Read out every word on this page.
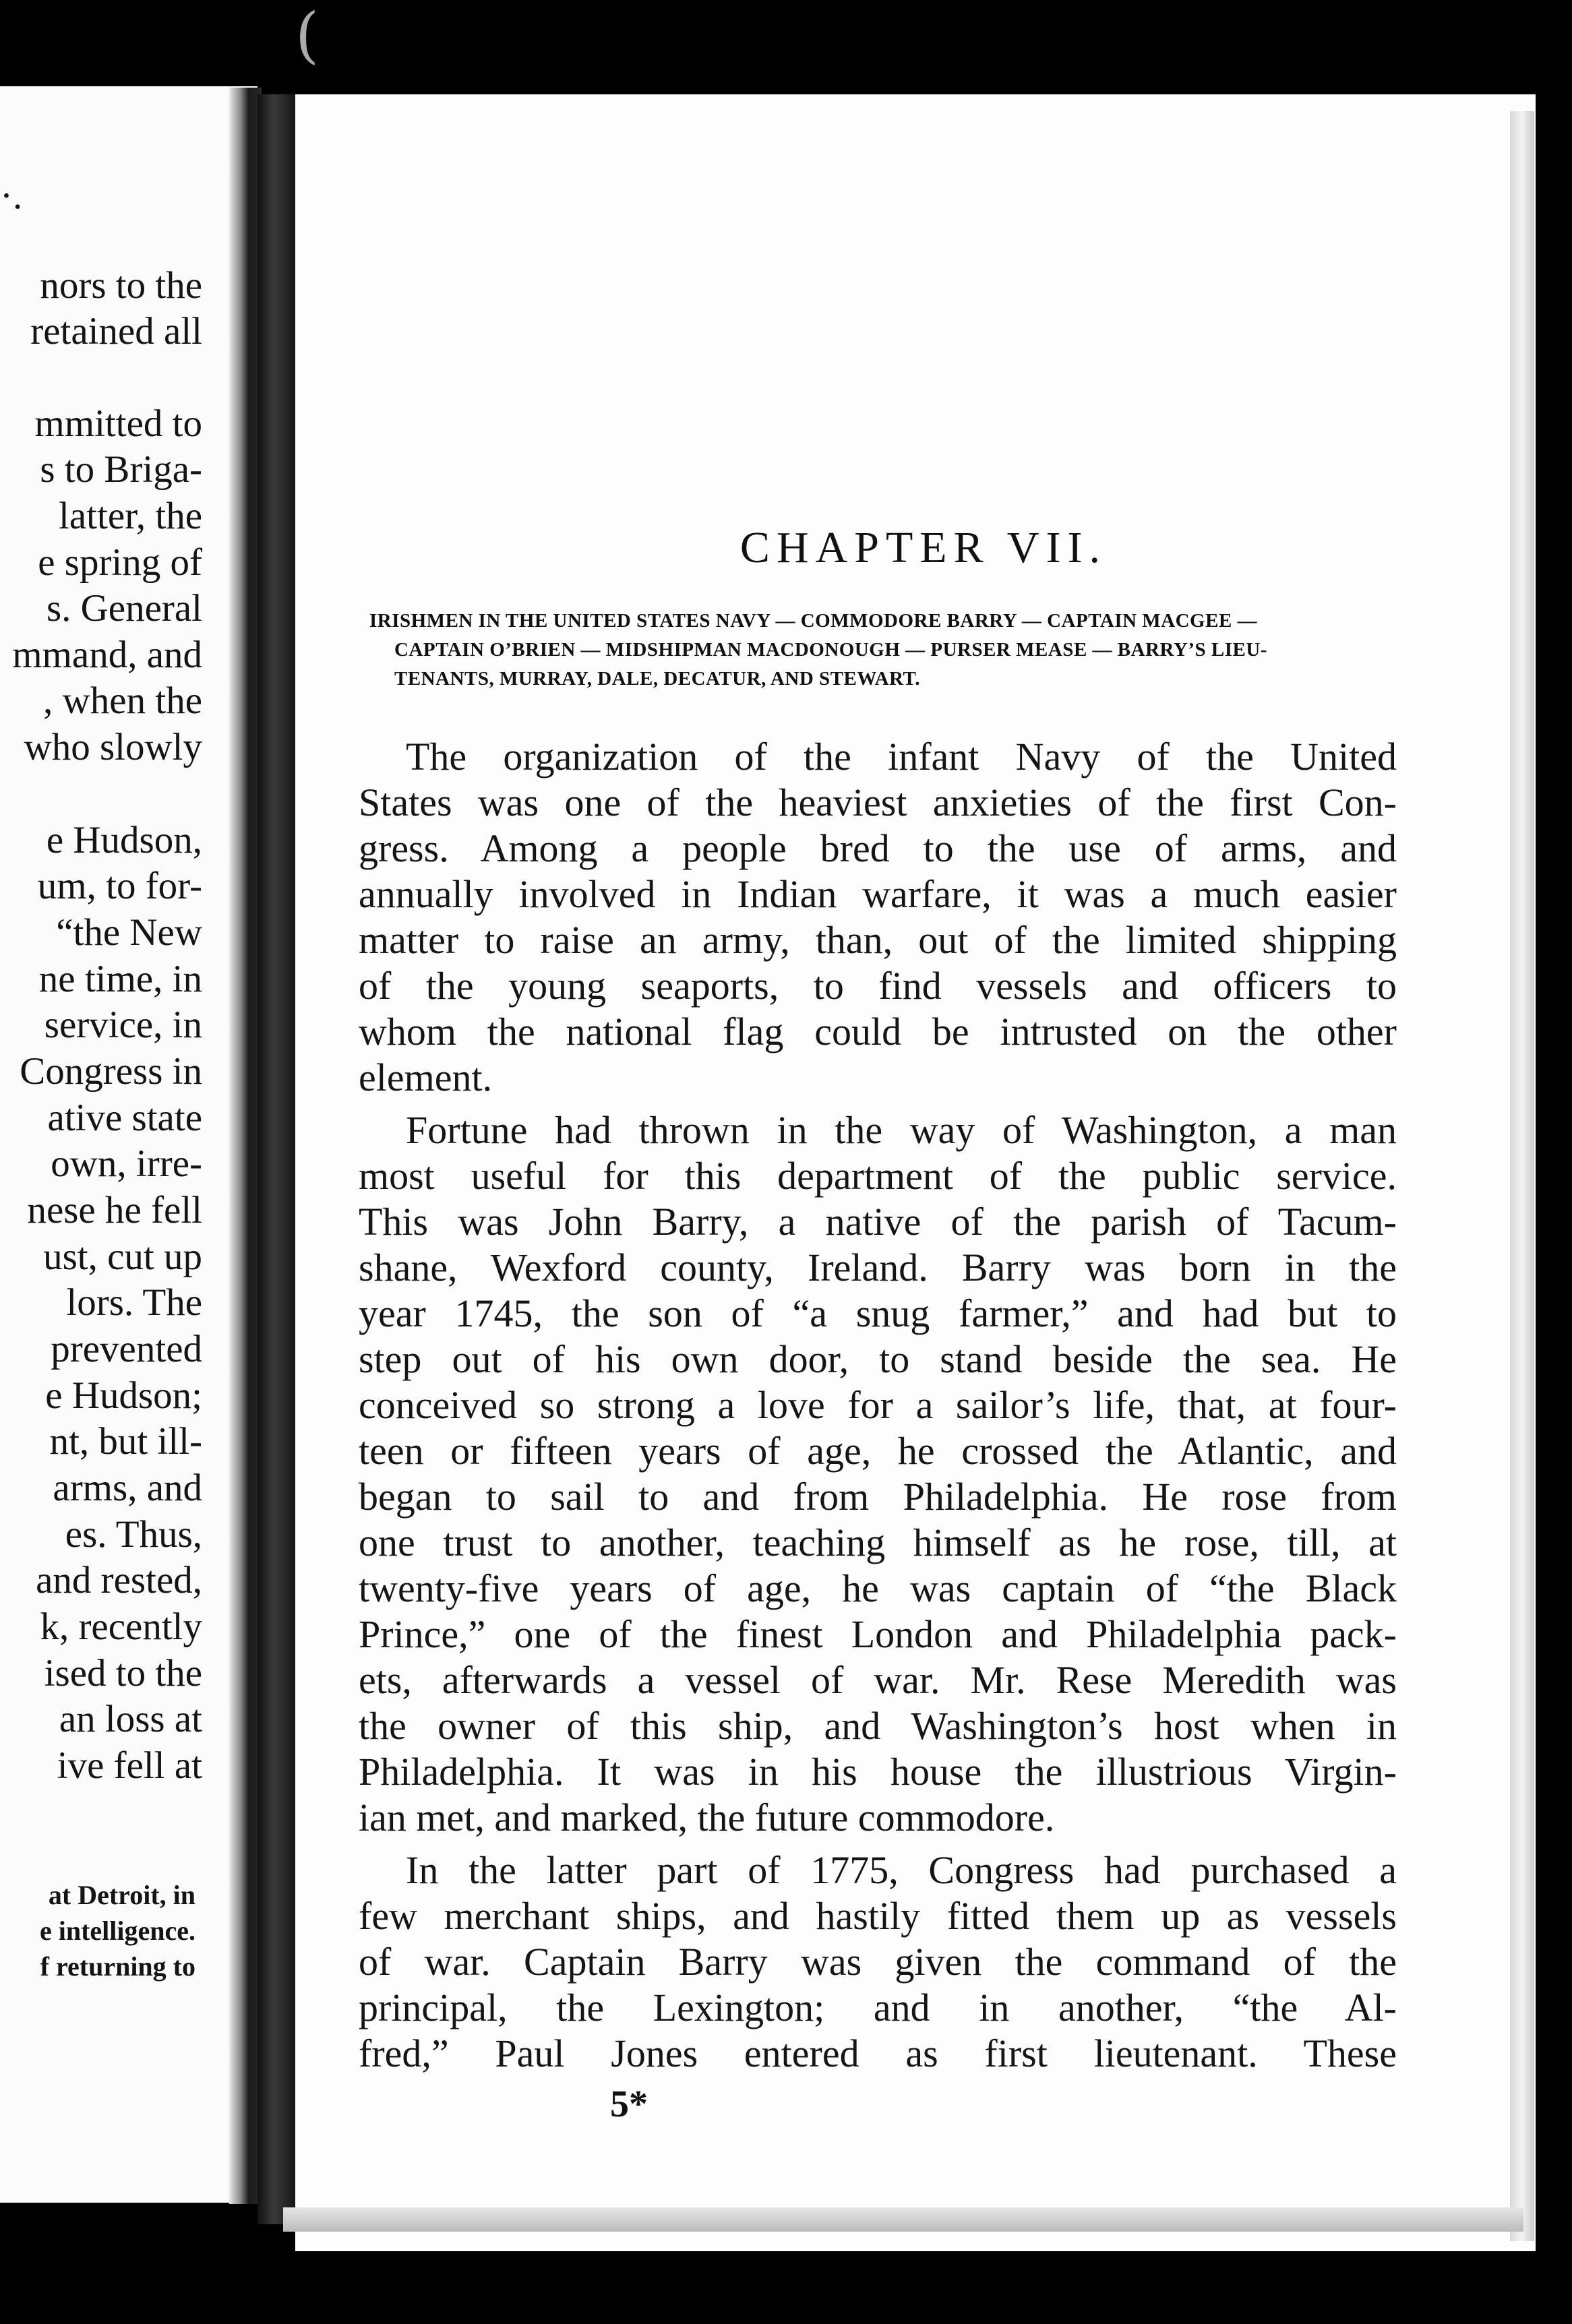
(
·.
nors to the
retained all
mmitted to
s to Briga-
latter, the
e spring of
s. General
mmand, and
, when the
who slowly
e Hudson,
um, to for-
“the New
ne time, in
service, in
Congress in
ative state
own, irre-
nese he fell
ust, cut up
lors. The
prevented
e Hudson;
nt, but ill-
arms, and
es. Thus,
and rested,
k, recently
ised to the
an loss at
ive fell at
at Detroit, in
e intelligence.
f returning to
CHAPTER VII.
IRISHMEN IN THE UNITED STATES NAVY — COMMODORE BARRY — CAPTAIN MACGEE —
CAPTAIN O’BRIEN — MIDSHIPMAN MACDONOUGH — PURSER MEASE — BARRY’S LIEU-
TENANTS, MURRAY, DALE, DECATUR, AND STEWART.
The organization of the infant Navy of the United
States was one of the heaviest anxieties of the first Con-
gress. Among a people bred to the use of arms, and
annually involved in Indian warfare, it was a much easier
matter to raise an army, than, out of the limited shipping
of the young seaports, to find vessels and officers to
whom the national flag could be intrusted on the other
element.
Fortune had thrown in the way of Washington, a man
most useful for this department of the public service.
This was John Barry, a native of the parish of Tacum-
shane, Wexford county, Ireland. Barry was born in the
year 1745, the son of “a snug farmer,” and had but to
step out of his own door, to stand beside the sea. He
conceived so strong a love for a sailor’s life, that, at four-
teen or fifteen years of age, he crossed the Atlantic, and
began to sail to and from Philadelphia. He rose from
one trust to another, teaching himself as he rose, till, at
twenty-five years of age, he was captain of “the Black
Prince,” one of the finest London and Philadelphia pack-
ets, afterwards a vessel of war. Mr. Rese Meredith was
the owner of this ship, and Washington’s host when in
Philadelphia. It was in his house the illustrious Virgin-
ian met, and marked, the future commodore.
In the latter part of 1775, Congress had purchased a
few merchant ships, and hastily fitted them up as vessels
of war. Captain Barry was given the command of the
principal, the Lexington; and in another, “the Al-
fred,” Paul Jones entered as first lieutenant. These
5*
